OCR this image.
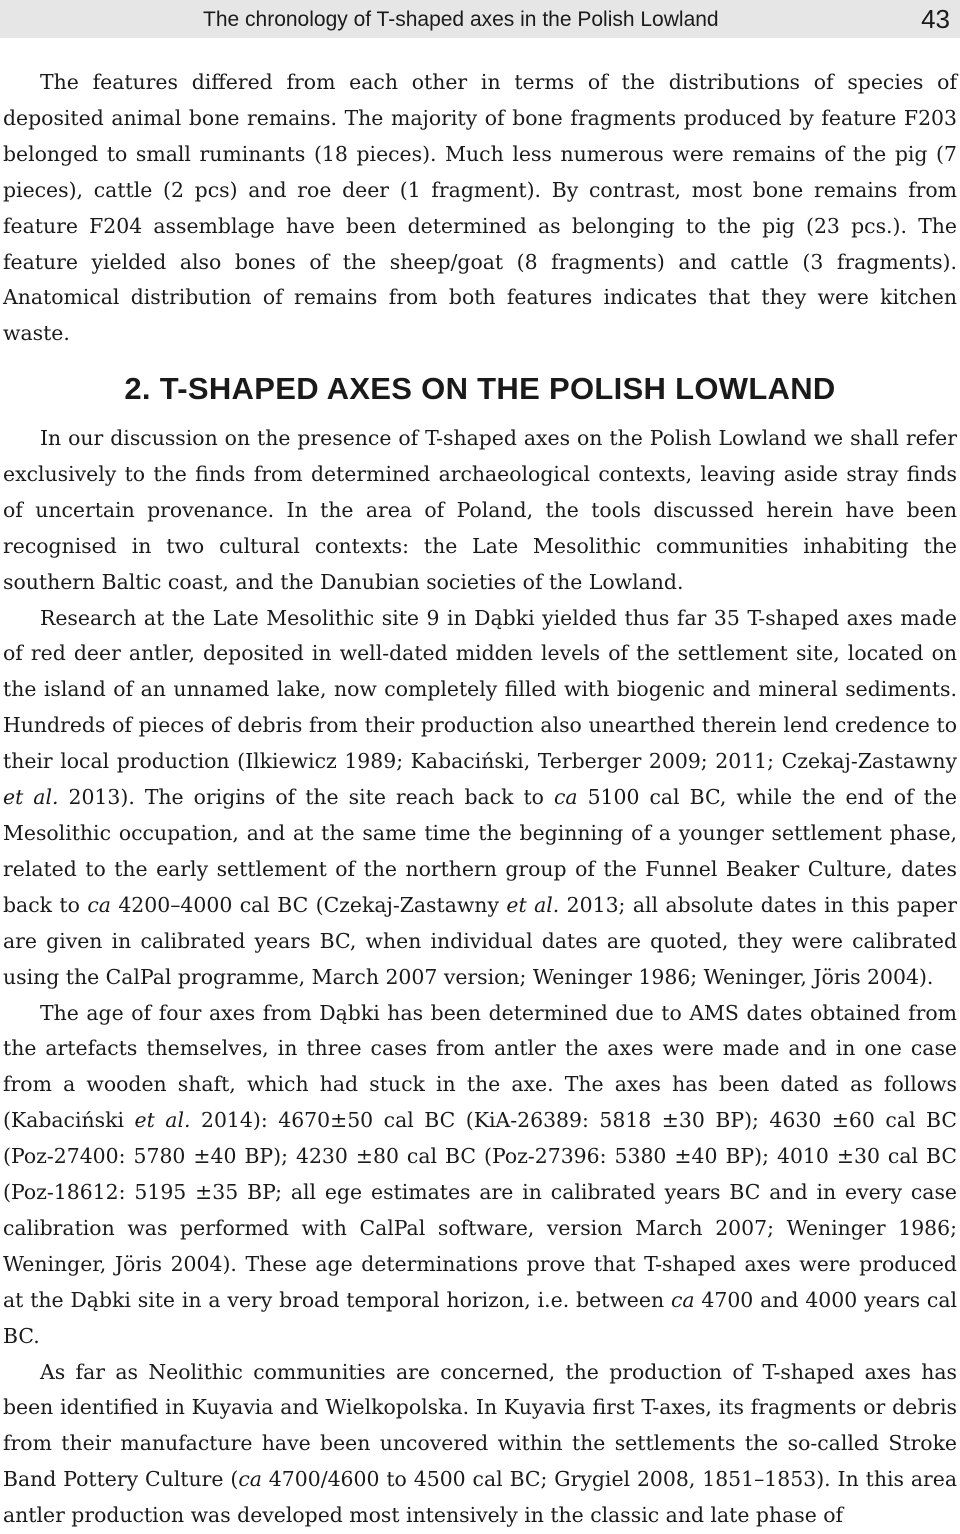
The chronology of T-shaped axes in the Polish Lowland	43

The features differed from each other in terms of the distributions of species of deposited animal bone remains. The majority of bone fragments produced by feature F203 belonged to small ruminants (18 pieces). Much less numerous were remains of the pig (7 pieces), cattle (2 pcs) and roe deer (1 fragment). By contrast, most bone remains from feature F204 assemblage have been determined as belonging to the pig (23 pcs.). The feature yielded also bones of the sheep/goat (8 fragments) and cattle (3 fragments). Anatomical distribution of remains from both features indicates that they were kitchen waste.

2. T-SHAPED AXES ON THE POLISH LOWLAND

In our discussion on the presence of T-shaped axes on the Polish Lowland we shall refer exclusively to the finds from determined archaeological contexts, leaving aside stray finds of uncertain provenance. In the area of Poland, the tools discussed herein have been recognised in two cultural contexts: the Late Mesolithic communities inhabiting the southern Baltic coast, and the Danubian societies of the Lowland.

Research at the Late Mesolithic site 9 in Dąbki yielded thus far 35 T-shaped axes made of red deer antler, deposited in well-dated midden levels of the settlement site, located on the island of an unnamed lake, now completely filled with biogenic and mineral sediments. Hundreds of pieces of debris from their production also unearthed therein lend credence to their local production (Ilkiewicz 1989; Kabaciński, Terberger 2009; 2011; Czekaj-Zastawny et al. 2013). The origins of the site reach back to ca 5100 cal BC, while the end of the Mesolithic occupation, and at the same time the beginning of a younger settlement phase, related to the early settlement of the northern group of the Funnel Beaker Culture, dates back to ca 4200–4000 cal BC (Czekaj-Zastawny et al. 2013; all absolute dates in this paper are given in calibrated years BC, when individual dates are quoted, they were calibrated using the CalPal programme, March 2007 version; Weninger 1986; Weninger, Jöris 2004).

The age of four axes from Dąbki has been determined due to AMS dates obtained from the artefacts themselves, in three cases from antler the axes were made and in one case from a wooden shaft, which had stuck in the axe. The axes has been dated as follows (Kabaciński et al. 2014): 4670±50 cal BC (KiA-26389: 5818 ±30 BP); 4630 ±60 cal BC (Poz-27400: 5780 ±40 BP); 4230 ±80 cal BC (Poz-27396: 5380 ±40 BP); 4010 ±30 cal BC (Poz-18612: 5195 ±35 BP; all ege estimates are in calibrated years BC and in every case calibration was performed with CalPal software, version March 2007; Weninger 1986; Weninger, Jöris 2004). These age determinations prove that T-shaped axes were produced at the Dąbki site in a very broad temporal horizon, i.e. between ca 4700 and 4000 years cal BC.

As far as Neolithic communities are concerned, the production of T-shaped axes has been identified in Kuyavia and Wielkopolska. In Kuyavia first T-axes, its fragments or debris from their manufacture have been uncovered within the settlements the so-called Stroke Band Pottery Culture (ca 4700/4600 to 4500 cal BC; Grygiel 2008, 1851–1853). In this area antler production was developed most intensively in the classic and late phase of
